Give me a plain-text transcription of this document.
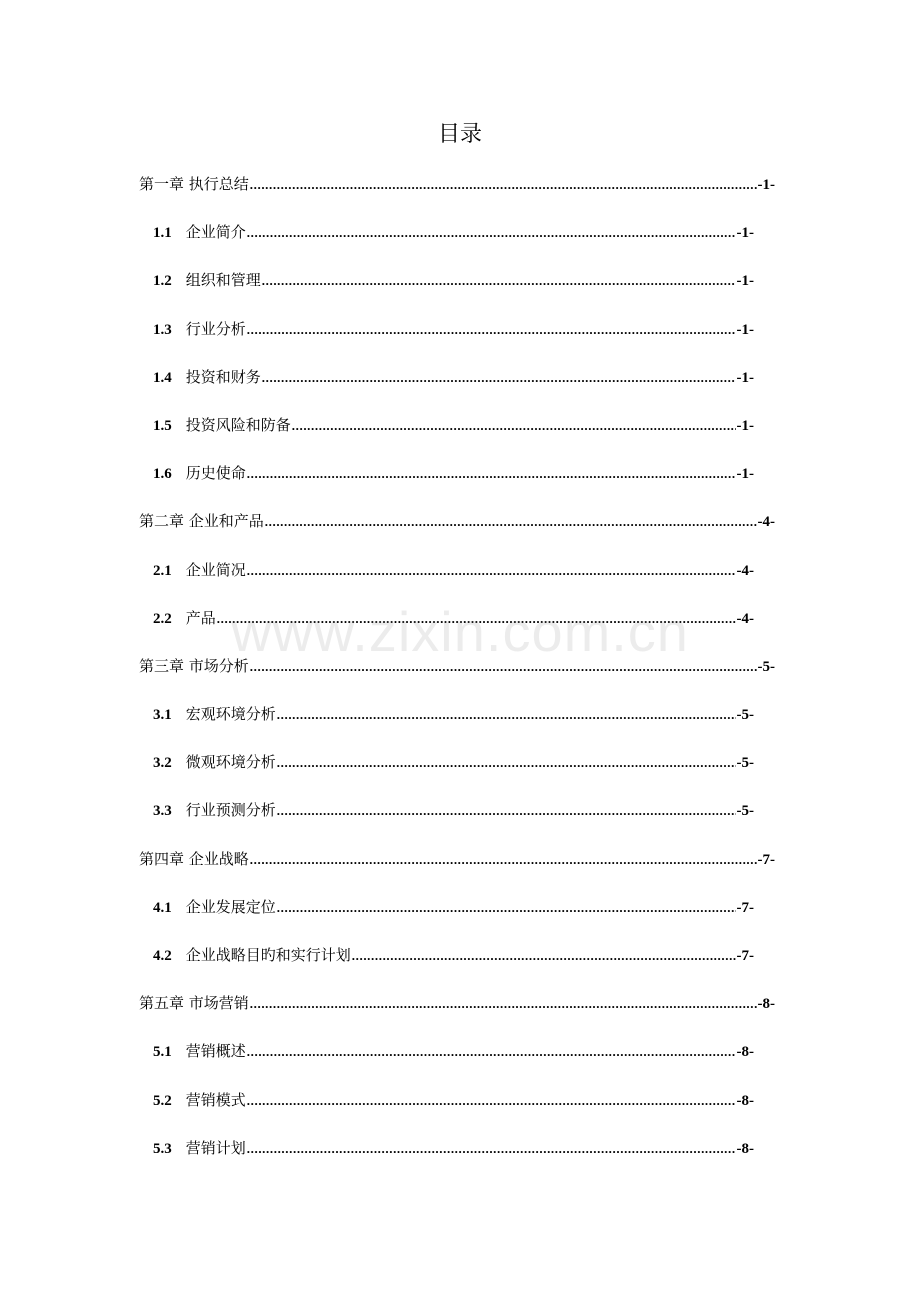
目录
第一章 执行总结 .....	-1-
1.1 企业简介 .....	-1-
1.2 组织和管理 .....	-1-
1.3 行业分析 .....	-1-
1.4 投资和财务 .....	-1-
1.5 投资风险和防备 .....	-1-
1.6 历史使命 .....	-1-
第二章 企业和产品 .....	-4-
2.1 企业简况 .....	-4-
2.2 产品 .....	-4-
第三章 市场分析 .....	-5-
3.1 宏观环境分析 .....	-5-
3.2 微观环境分析 .....	-5-
3.3 行业预测分析 .....	-5-
第四章 企业战略 .....	-7-
4.1 企业发展定位 .....	-7-
4.2 企业战略目旳和实行计划 .....	-7-
第五章 市场营销 .....	-8-
5.1 营销概述 .....	-8-
5.2 营销模式 .....	-8-
5.3 营销计划 .....	-8-
www.zixin.com.cn
